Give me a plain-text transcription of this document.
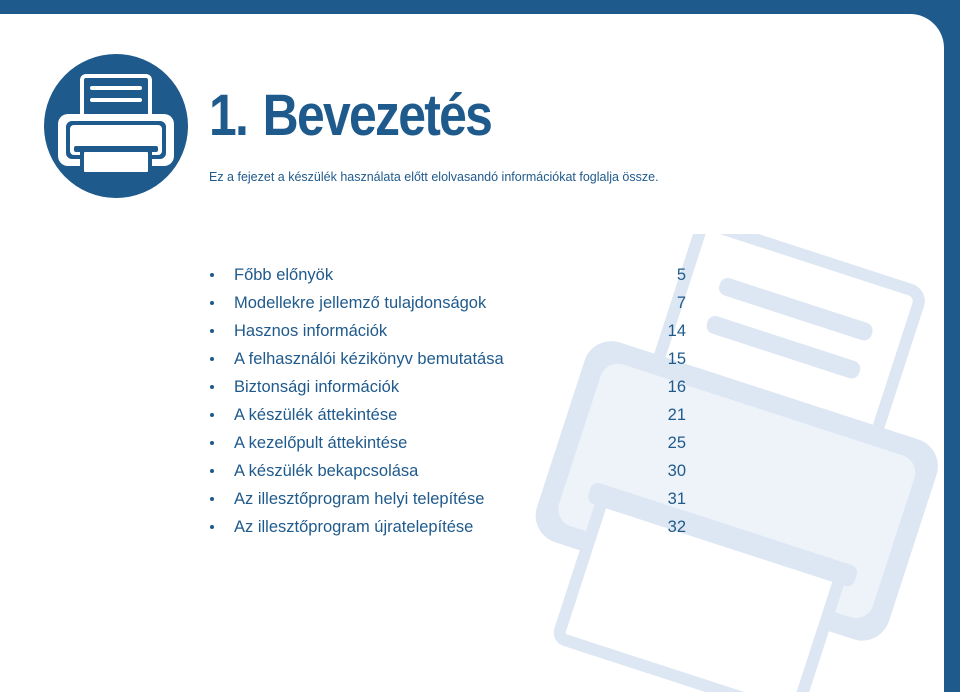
1. Bevezetés
Ez a fejezet a készülék használata előtt elolvasandó információkat foglalja össze.
Főbb előnyök	5
Modellekre jellemző tulajdonságok	7
Hasznos információk	14
A felhasználói kézikönyv bemutatása	15
Biztonsági információk	16
A készülék áttekintése	21
A kezelőpult áttekintése	25
A készülék bekapcsolása	30
Az illesztőprogram helyi telepítése	31
Az illesztőprogram újratelepítése	32
